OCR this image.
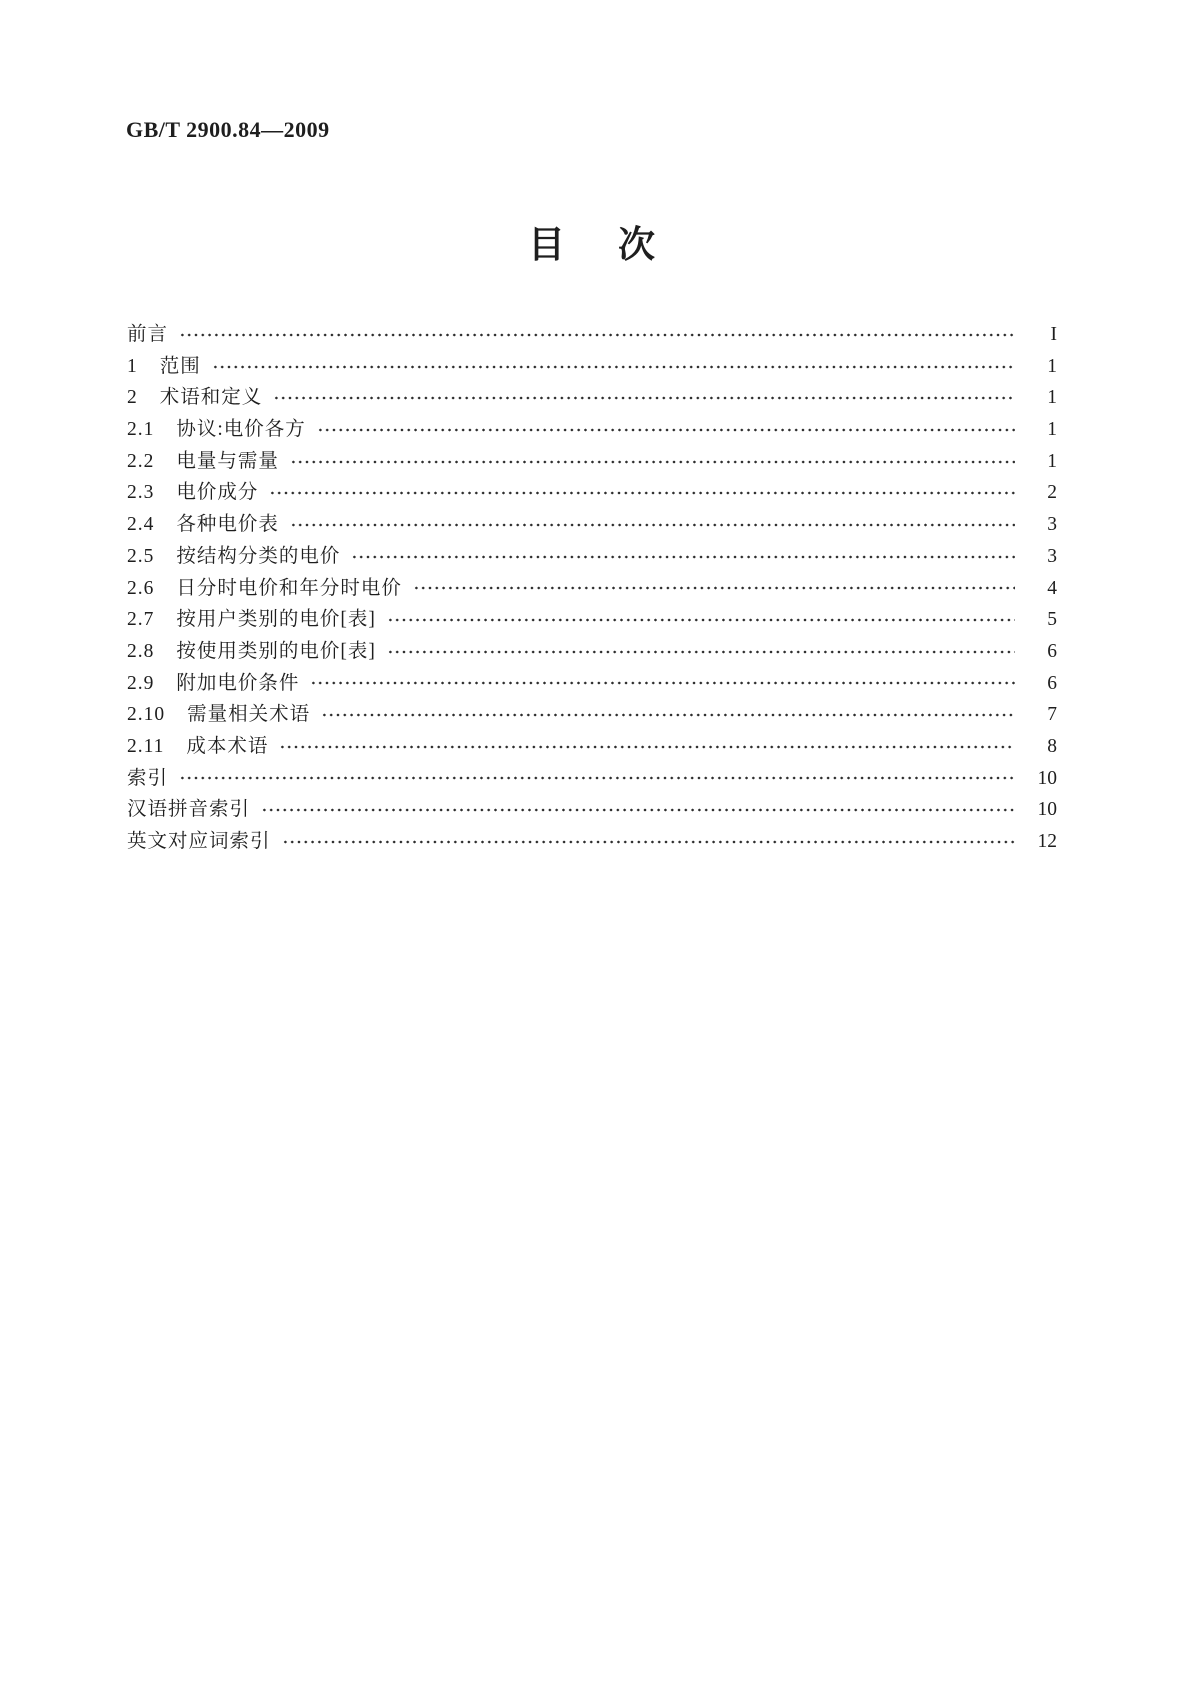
GB/T 2900.84—2009
目　次
前言	I
1 范围	1
2 术语和定义	1
2.1 协议:电价各方	1
2.2 电量与需量	1
2.3 电价成分	2
2.4 各种电价表	3
2.5 按结构分类的电价	3
2.6 日分时电价和年分时电价	4
2.7 按用户类别的电价[表]	5
2.8 按使用类别的电价[表]	6
2.9 附加电价条件	6
2.10 需量相关术语	7
2.11 成本术语	8
索引	10
汉语拼音索引	10
英文对应词索引	12
